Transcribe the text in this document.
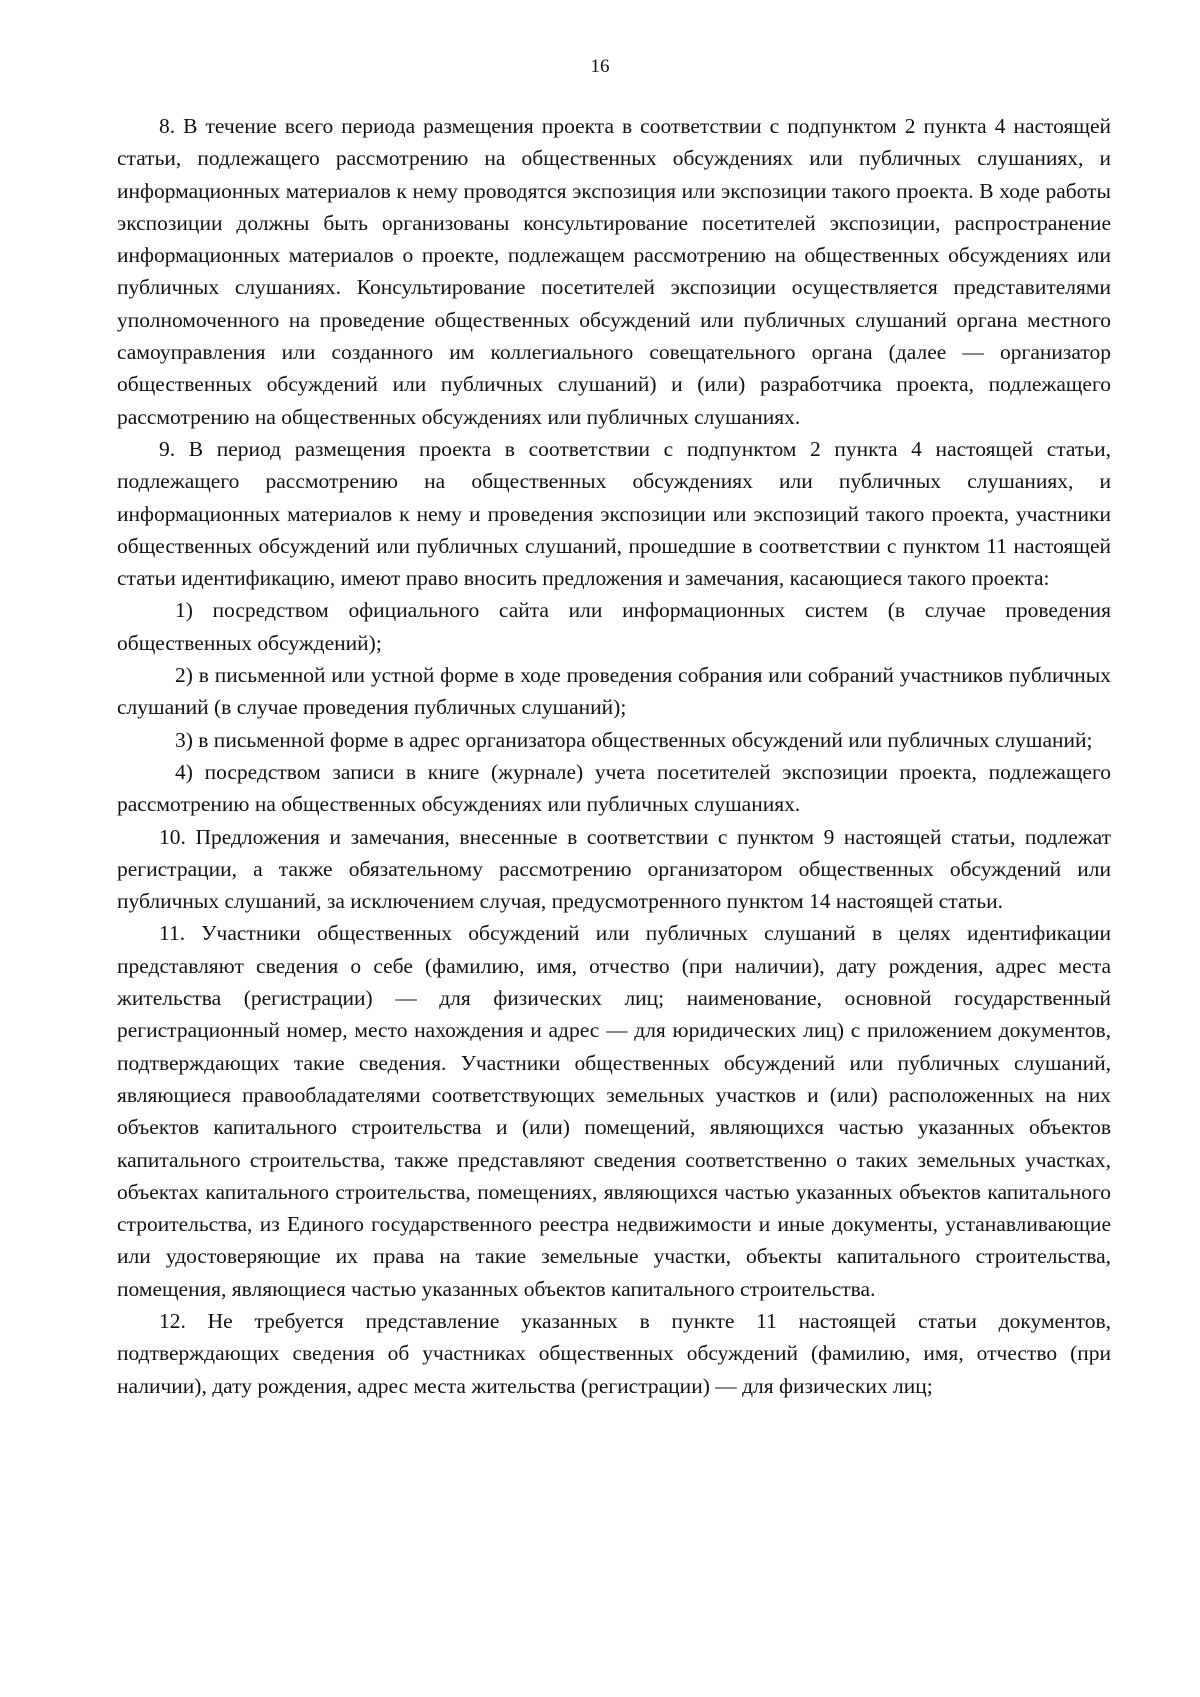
16

8. В течение всего периода размещения проекта в соответствии с подпунктом 2 пункта 4 настоящей статьи, подлежащего рассмотрению на общественных обсуждениях или публичных слушаниях, и информационных материалов к нему проводятся экспозиция или экспозиции такого проекта. В ходе работы экспозиции должны быть организованы консультирование посетителей экспозиции, распространение информационных материалов о проекте, подлежащем рассмотрению на общественных обсуждениях или публичных слушаниях. Консультирование посетителей экспозиции осуществляется представителями уполномоченного на проведение общественных обсуждений или публичных слушаний органа местного самоуправления или созданного им коллегиального совещательного органа (далее — организатор общественных обсуждений или публичных слушаний) и (или) разработчика проекта, подлежащего рассмотрению на общественных обсуждениях или публичных слушаниях.

9. В период размещения проекта в соответствии с подпунктом 2 пункта 4 настоящей статьи, подлежащего рассмотрению на общественных обсуждениях или публичных слушаниях, и информационных материалов к нему и проведения экспозиции или экспозиций такого проекта, участники общественных обсуждений или публичных слушаний, прошедшие в соответствии с пунктом 11 настоящей статьи идентификацию, имеют право вносить предложения и замечания, касающиеся такого проекта:

1) посредством официального сайта или информационных систем (в случае проведения общественных обсуждений);

2) в письменной или устной форме в ходе проведения собрания или собраний участников публичных слушаний (в случае проведения публичных слушаний);

3) в письменной форме в адрес организатора общественных обсуждений или публичных слушаний;

4) посредством записи в книге (журнале) учета посетителей экспозиции проекта, подлежащего рассмотрению на общественных обсуждениях или публичных слушаниях.

10. Предложения и замечания, внесенные в соответствии с пунктом 9 настоящей статьи, подлежат регистрации, а также обязательному рассмотрению организатором общественных обсуждений или публичных слушаний, за исключением случая, предусмотренного пунктом 14 настоящей статьи.

11. Участники общественных обсуждений или публичных слушаний в целях идентификации представляют сведения о себе (фамилию, имя, отчество (при наличии), дату рождения, адрес места жительства (регистрации) — для физических лиц; наименование, основной государственный регистрационный номер, место нахождения и адрес — для юридических лиц) с приложением документов, подтверждающих такие сведения. Участники общественных обсуждений или публичных слушаний, являющиеся правообладателями соответствующих земельных участков и (или) расположенных на них объектов капитального строительства и (или) помещений, являющихся частью указанных объектов капитального строительства, также представляют сведения соответственно о таких земельных участках, объектах капитального строительства, помещениях, являющихся частью указанных объектов капитального строительства, из Единого государственного реестра недвижимости и иные документы, устанавливающие или удостоверяющие их права на такие земельные участки, объекты капитального строительства, помещения, являющиеся частью указанных объектов капитального строительства.

12. Не требуется представление указанных в пункте 11 настоящей статьи документов, подтверждающих сведения об участниках общественных обсуждений (фамилию, имя, отчество (при наличии), дату рождения, адрес места жительства (регистрации) — для физических лиц;
